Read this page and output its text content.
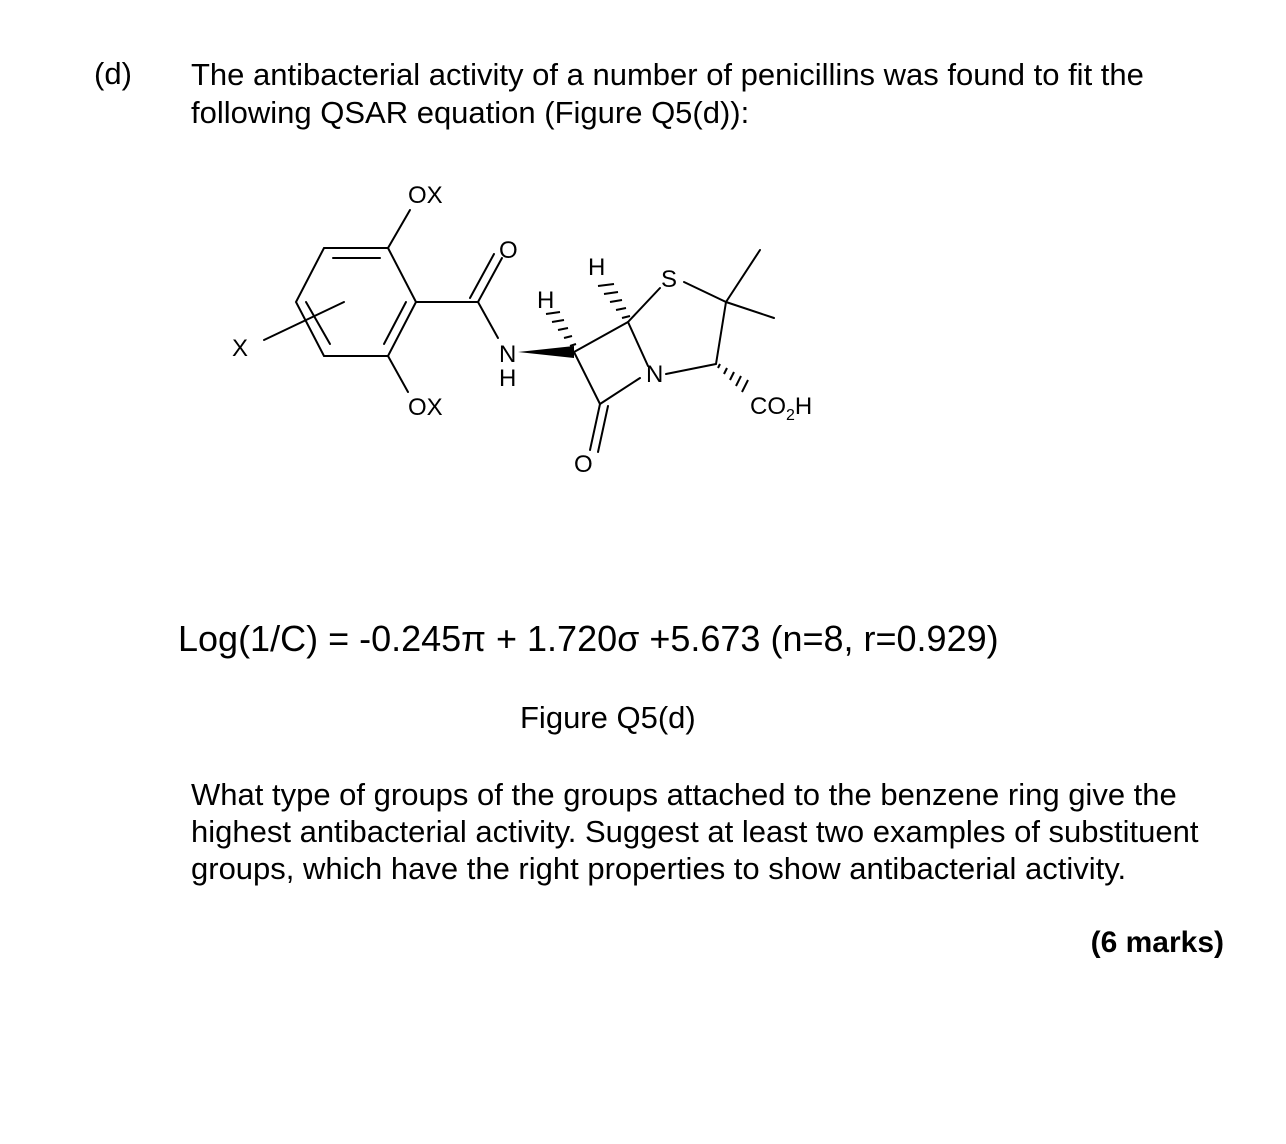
(d) The antibacterial activity of a number of penicillins was found to fit the following QSAR equation (Figure Q5(d)):
OX
OX
X
O
H
H
S
N
H	N
O
$CO_2H$
Log(1/C) = -0.245π + 1.720σ +5.673 (n=8, r=0.929)
Figure Q5(d)
What type of groups of the groups attached to the benzene ring give the highest antibacterial activity. Suggest at least two examples of substituent groups, which have the right properties to show antibacterial activity.
(6 marks)
